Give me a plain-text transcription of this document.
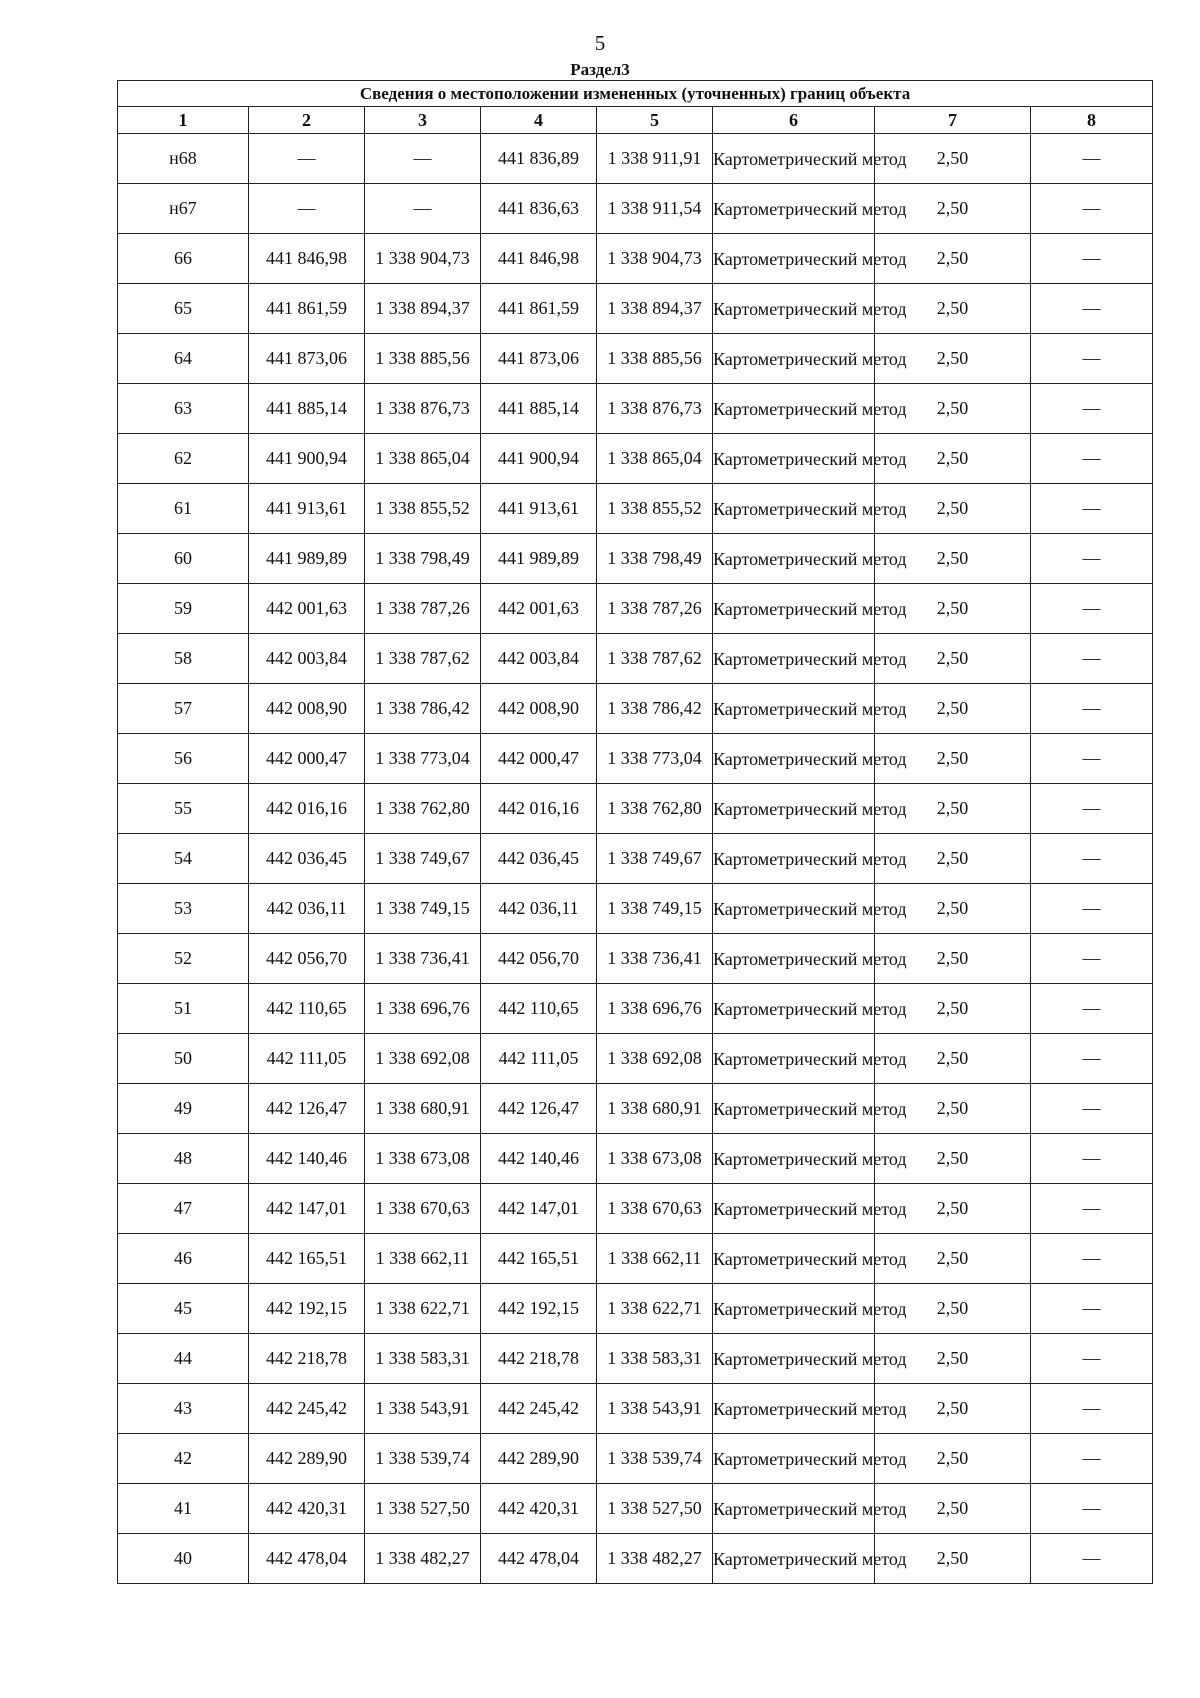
5
Раздел3
Сведения о местоположении измененных (уточненных) границ объекта							
1	2	3	4	5	6	7	8
н68	—	—	441 836,89	1 338 911,91	Картометрический метод	2,50	—
н67	—	—	441 836,63	1 338 911,54	Картометрический метод	2,50	—
66	441 846,98	1 338 904,73	441 846,98	1 338 904,73	Картометрический метод	2,50	—
65	441 861,59	1 338 894,37	441 861,59	1 338 894,37	Картометрический метод	2,50	—
64	441 873,06	1 338 885,56	441 873,06	1 338 885,56	Картометрический метод	2,50	—
63	441 885,14	1 338 876,73	441 885,14	1 338 876,73	Картометрический метод	2,50	—
62	441 900,94	1 338 865,04	441 900,94	1 338 865,04	Картометрический метод	2,50	—
61	441 913,61	1 338 855,52	441 913,61	1 338 855,52	Картометрический метод	2,50	—
60	441 989,89	1 338 798,49	441 989,89	1 338 798,49	Картометрический метод	2,50	—
59	442 001,63	1 338 787,26	442 001,63	1 338 787,26	Картометрический метод	2,50	—
58	442 003,84	1 338 787,62	442 003,84	1 338 787,62	Картометрический метод	2,50	—
57	442 008,90	1 338 786,42	442 008,90	1 338 786,42	Картометрический метод	2,50	—
56	442 000,47	1 338 773,04	442 000,47	1 338 773,04	Картометрический метод	2,50	—
55	442 016,16	1 338 762,80	442 016,16	1 338 762,80	Картометрический метод	2,50	—
54	442 036,45	1 338 749,67	442 036,45	1 338 749,67	Картометрический метод	2,50	—
53	442 036,11	1 338 749,15	442 036,11	1 338 749,15	Картометрический метод	2,50	—
52	442 056,70	1 338 736,41	442 056,70	1 338 736,41	Картометрический метод	2,50	—
51	442 110,65	1 338 696,76	442 110,65	1 338 696,76	Картометрический метод	2,50	—
50	442 111,05	1 338 692,08	442 111,05	1 338 692,08	Картометрический метод	2,50	—
49	442 126,47	1 338 680,91	442 126,47	1 338 680,91	Картометрический метод	2,50	—
48	442 140,46	1 338 673,08	442 140,46	1 338 673,08	Картометрический метод	2,50	—
47	442 147,01	1 338 670,63	442 147,01	1 338 670,63	Картометрический метод	2,50	—
46	442 165,51	1 338 662,11	442 165,51	1 338 662,11	Картометрический метод	2,50	—
45	442 192,15	1 338 622,71	442 192,15	1 338 622,71	Картометрический метод	2,50	—
44	442 218,78	1 338 583,31	442 218,78	1 338 583,31	Картометрический метод	2,50	—
43	442 245,42	1 338 543,91	442 245,42	1 338 543,91	Картометрический метод	2,50	—
42	442 289,90	1 338 539,74	442 289,90	1 338 539,74	Картометрический метод	2,50	—
41	442 420,31	1 338 527,50	442 420,31	1 338 527,50	Картометрический метод	2,50	—
40	442 478,04	1 338 482,27	442 478,04	1 338 482,27	Картометрический метод	2,50	—
